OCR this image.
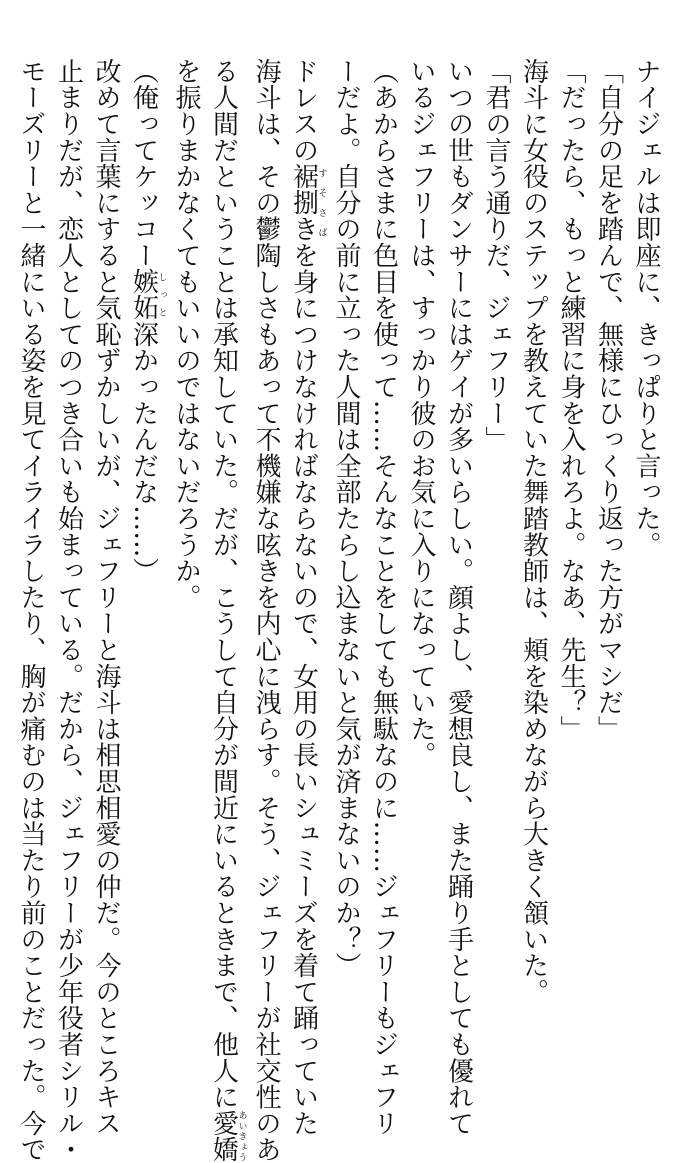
ナイジェルは即座に、きっぱりと言った。
「自分の足を踏んで、無様にひっくり返った方がマシだ」
「だったら、もっと練習に身を入れろよ。なあ、先生？」
海斗に女役のステップを教えていた舞踏教師は、頬を染めながら大きく頷いた。
「君の言う通りだ、ジェフリー」
いつの世もダンサーにはゲイが多いらしい。顔よし、愛想良し、また踊り手としても優れて
いるジェフリーは、すっかり彼のお気に入りになっていた。
（あからさまに色目を使って……そんなことをしても無駄なのに……ジェフリーもジェフリ
ーだよ。自分の前に立った人間は全部たらし込まないと気が済まないのか？）
ドレスの裾捌きすそさばを身につけなければならないので、女用の長いシュミーズを着て踊っていた
海斗は、その鬱陶しさもあって不機嫌な呟きを内心に洩らす。そう、ジェフリーが社交性のあ
る人間だということは承知していた。だが、こうして自分が間近にいるときまで、他人に愛嬌あいきょう
を振りまかなくてもいいのではないだろうか。
（俺ってケッコー嫉妬しっと深かったんだな……）
改めて言葉にすると気恥ずかしいが、ジェフリーと海斗は相思相愛の仲だ。今のところキス
止まりだが、恋人としてのつき合いも始まっている。だから、ジェフリーが少年役者シリル・
モーズリーと一緒にいる姿を見てイライラしたり、胸が痛むのは当たり前のことだった。今で
